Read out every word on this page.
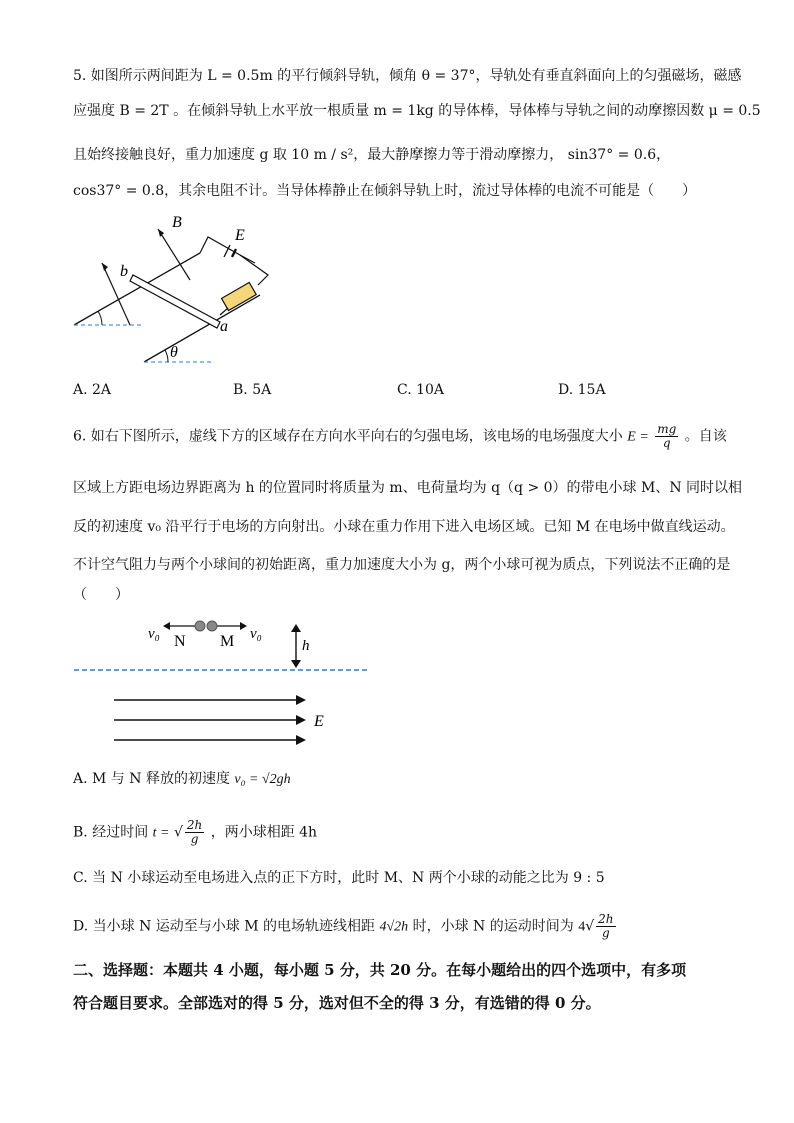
5. 如图所示两间距为 L = 0.5m 的平行倾斜导轨，倾角 θ = 37°，导轨处有垂直斜面向上的匀强磁场，磁感
应强度 B = 2T 。在倾斜导轨上水平放一根质量 m = 1kg 的导体棒，导体棒与导轨之间的动摩擦因数 μ = 0.5
且始终接触良好，重力加速度 g 取 10 m / s²，最大静摩擦力等于滑动摩擦力， sin37° = 0.6，
cos37° = 0.8，其余电阻不计。当导体棒静止在倾斜导轨上时，流过导体棒的电流不可能是（　　）
B
E
b
a
θ
A. 2A	B. 5A	C. 10A	D. 15A
6. 如右下图所示，虚线下方的区域存在方向水平向右的匀强电场，该电场的电场强度大小 $E = \frac{mg}{q}$ 。自该
区域上方距电场边界距离为 h 的位置同时将质量为 m、电荷量均为 q（q > 0）的带电小球 M、N 同时以相
反的初速度 v₀ 沿平行于电场的方向射出。小球在重力作用下进入电场区域。已知 M 在电场中做直线运动。
不计空气阻力与两个小球间的初始距离，重力加速度大小为 g，两个小球可视为质点，下列说法不正确的是
（　　）
v₀ N M v₀
h
E
A. M 与 N 释放的初速度 v₀ = √2gh
B. 经过时间 t = √ $\frac{2h}{g}$ ，两小球相距 4h
C. 当 N 小球运动至电场进入点的正下方时，此时 M、N 两个小球的动能之比为 9 : 5
D. 当小球 N 运动至与小球 M 的电场轨迹线相距 4√2h 时，小球 N 的运动时间为 $4√ \frac{2h}{g}$
二、选择题：本题共 4 小题，每小题 5 分，共 20 分。在每小题给出的四个选项中，有多项
符合题目要求。全部选对的得 5 分，选对但不全的得 3 分，有选错的得 0 分。
